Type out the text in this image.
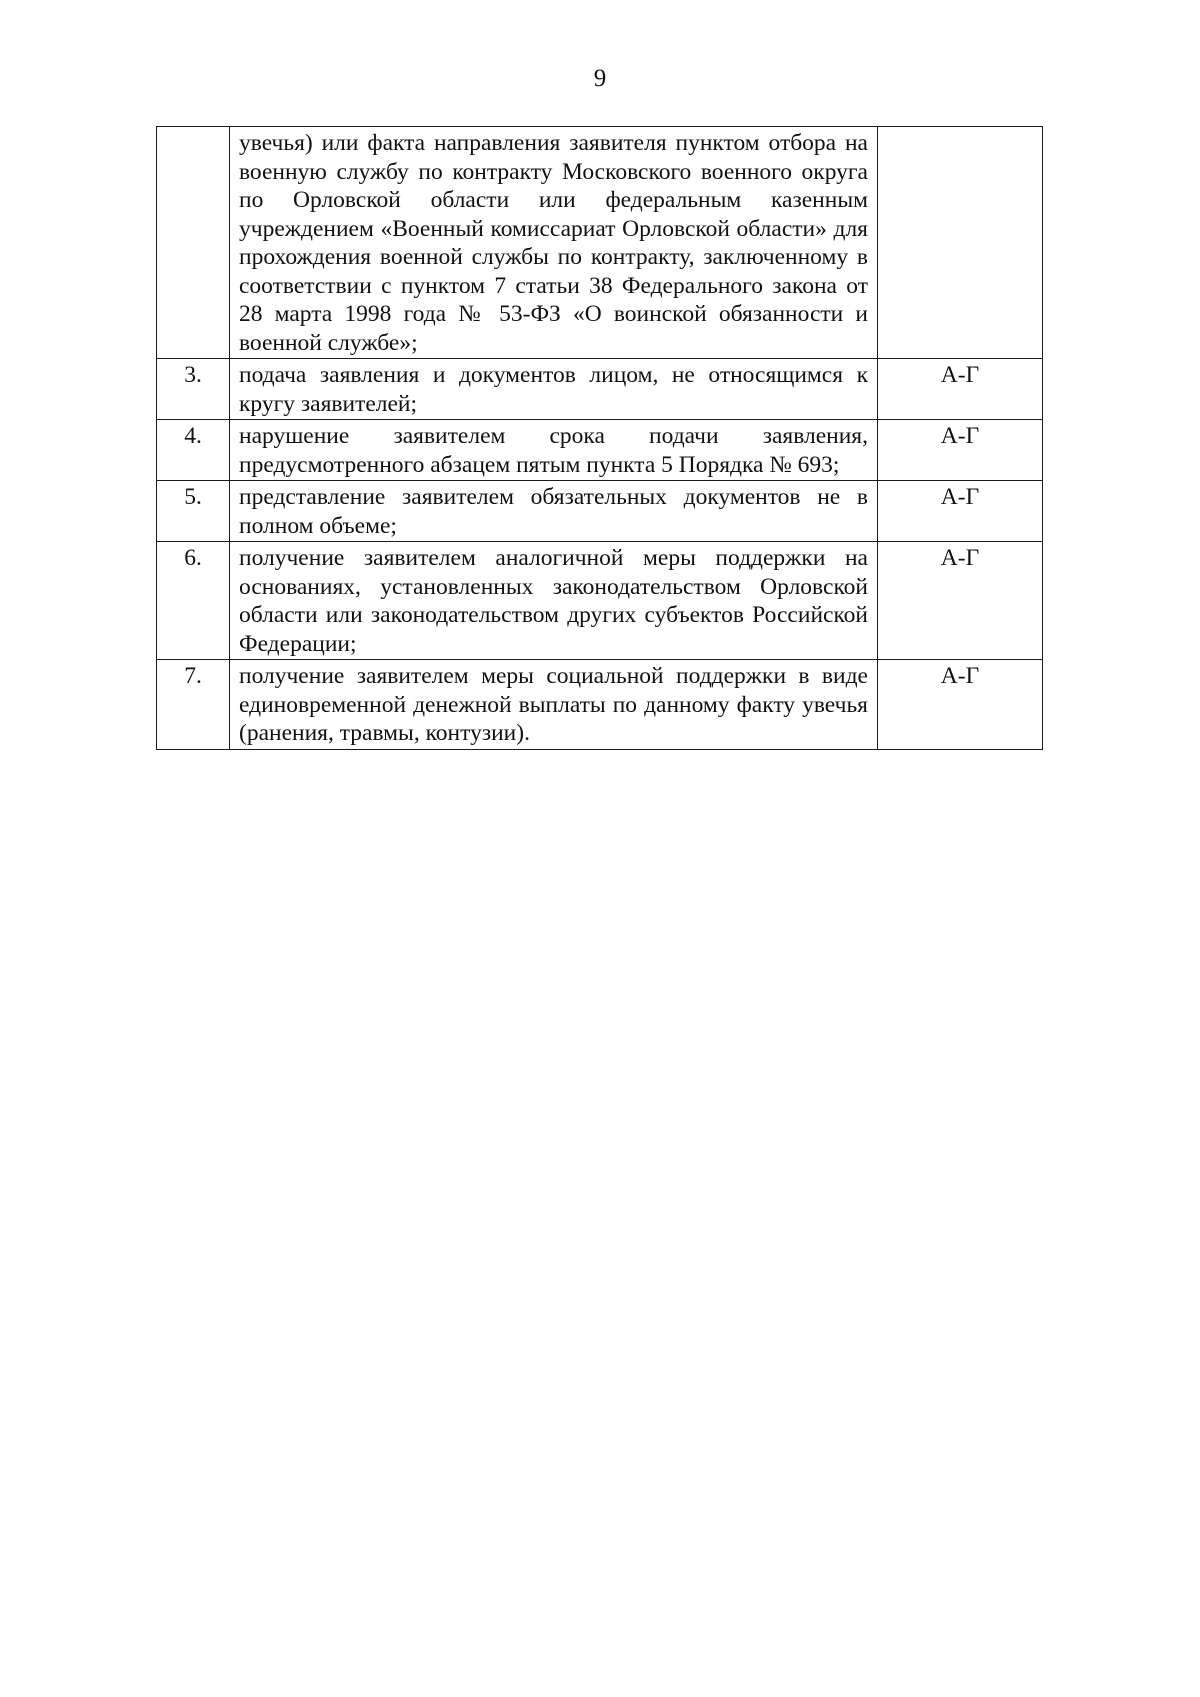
9
	увечья) или факта направления заявителя пунктом отбора на военную службу по контракту Московского военного округа по Орловской области или федеральным казенным учреждением «Военный комиссариат Орловской области» для прохождения военной службы по контракту, заключенному в соответствии с пунктом 7 статьи 38 Федерального закона от 28 марта 1998 года № 53-ФЗ «О воинской обязанности и военной службе»;	
3.	подача заявления и документов лицом, не относящимся к кругу заявителей;	А-Г
4.	нарушение заявителем срока подачи заявления, предусмотренного абзацем пятым пункта 5 Порядка № 693;	А-Г
5.	представление заявителем обязательных документов не в полном объеме;	А-Г
6.	получение заявителем аналогичной меры поддержки на основаниях, установленных законодательством Орловской области или законодательством других субъектов Российской Федерации;	А-Г
7.	получение заявителем меры социальной поддержки в виде единовременной денежной выплаты по данному факту увечья (ранения, травмы, контузии).	А-Г
